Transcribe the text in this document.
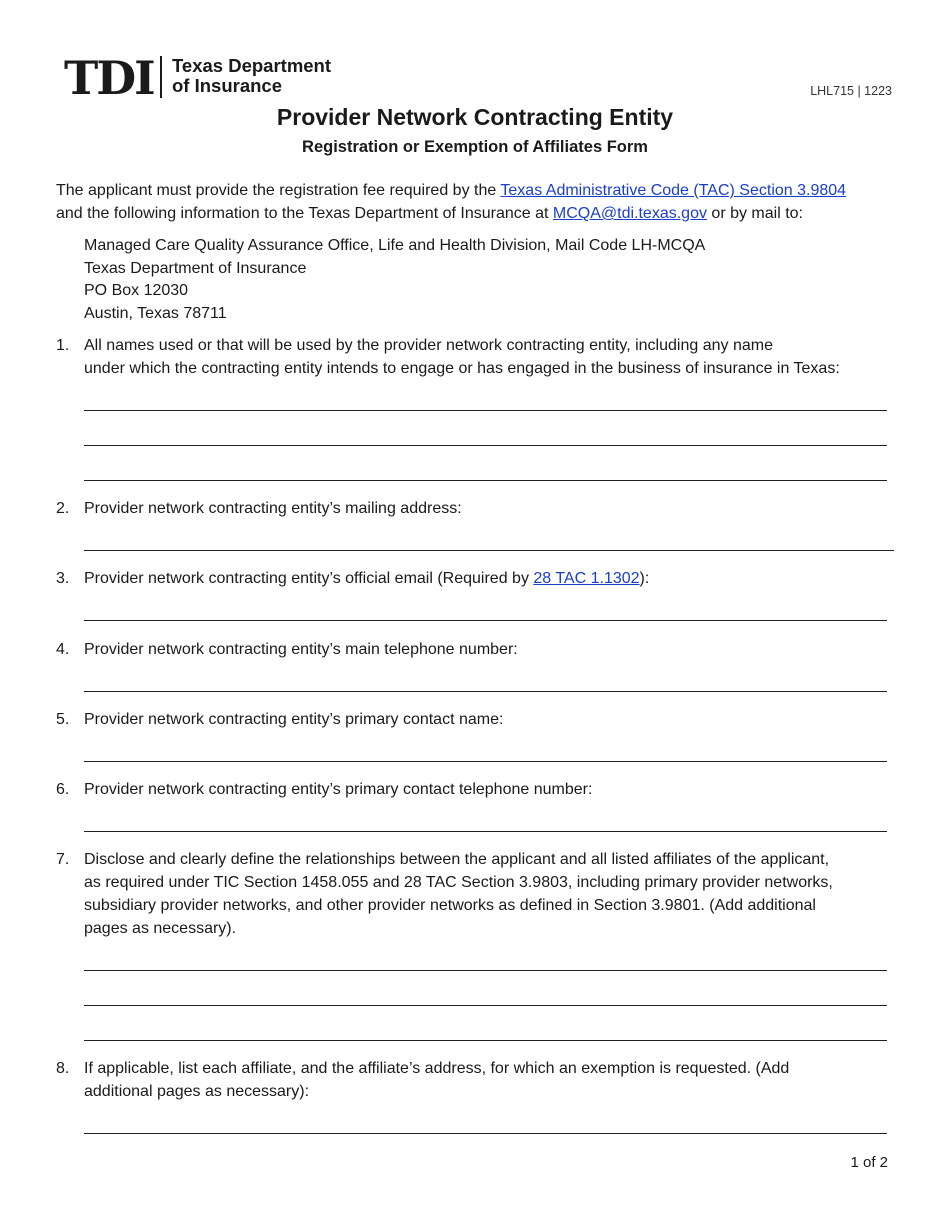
TDI Texas Department
of Insurance	LHL715 | 1223
Provider Network Contracting Entity
Registration or Exemption of Affiliates Form
The applicant must provide the registration fee required by the Texas Administrative Code (TAC) Section 3.9804
and the following information to the Texas Department of Insurance at MCQA@tdi.texas.gov or by mail to:
Managed Care Quality Assurance Office, Life and Health Division, Mail Code LH-MCQA
Texas Department of Insurance
PO Box 12030
Austin, Texas 78711
1. All names used or that will be used by the provider network contracting entity, including any name
under which the contracting entity intends to engage or has engaged in the business of insurance in Texas:
2. Provider network contracting entity’s mailing address:
3. Provider network contracting entity’s official email (Required by 28 TAC 1.1302):
4. Provider network contracting entity’s main telephone number:
5. Provider network contracting entity’s primary contact name:
6. Provider network contracting entity’s primary contact telephone number:
7. Disclose and clearly define the relationships between the applicant and all listed affiliates of the applicant,
as required under TIC Section 1458.055 and 28 TAC Section 3.9803, including primary provider networks,
subsidiary provider networks, and other provider networks as defined in Section 3.9801. (Add additional
pages as necessary).
8. If applicable, list each affiliate, and the affiliate’s address, for which an exemption is requested. (Add
additional pages as necessary):
1 of 2
